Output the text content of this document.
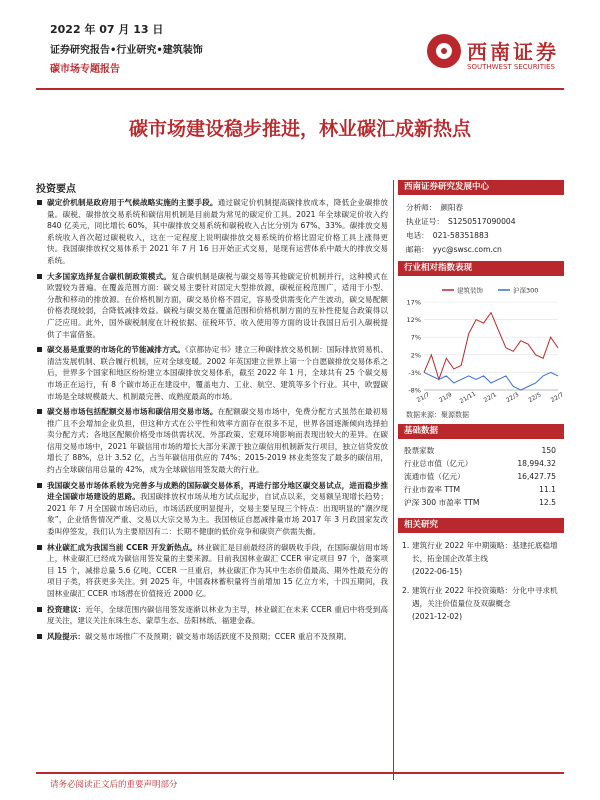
2022 年 07 月 13 日
证券研究报告•行业研究•建筑装饰
碳市场专题报告
西南证券
SOUTHWEST SECURITIES
碳市场建设稳步推进，林业碳汇成新热点
投资要点
碳定价机制是政府用于气候战略实施的主要手段。通过碳定价机制提高碳排放成本，降低企业碳排放量。碳税、碳排放交易系统和碳信用机制是目前最为常见的碳定价工具。2021 年全球碳定价收入约 840 亿美元，同比增长 60%，其中碳排放交易系统和碳税收入占比分别为 67%、33%。碳排放交易系统收入首次超过碳税收入，这在一定程度上说明碳排放交易系统的价格比固定价格工具上涨得更快。我国碳排放权交易体系于 2021 年 7 月 16 日开始正式交易，是现有运营体系中最大的排放交易系统。
大多国家选择复合碳机制政策模式。复合碳机制是碳税与碳交易等其他碳定价机制并行，这种模式在欧盟较为普遍。在覆盖范围方面：碳交易主要针对固定大型排放源，碳税征税范围广，适用于小型、分散和移动的排放源。在价格机制方面，碳交易价格不固定，容易受供需变化产生波动，碳交易配额价格表现较弱，合降低减排效益。碳税与碳交易在覆盖范围和价格机制方面的互补性使复合政策得以广泛应用。此外，国外碳税制度在计税依据、征税环节、收入使用等方面的设计我国日后引入碳税提供了丰富借鉴。
碳交易是重要的市场化的节能减排方式。《京都协定书》建立三种碳排放交易机制：国际排放贸易机、清洁发展机制、联合履行机制，应对全球变暖。2002 年英国建立世界上第一个自愿碳排放交易体系之后，世界多个国家和地区纷纷建立本国碳排放交易体系，截至 2022 年 1 月，全球共有 25 个碳交易市场正在运行，有 8 个碳市场正在建设中，覆盖电力、工业、航空、建筑等多个行业。其中，欧盟碳市场是全球规模最大、机制最完善、成熟度最高的市场。
碳交易市场包括配额交易市场和碳信用交易市场。在配额碳交易市场中，免费分配方式虽然在最初易推广且不会增加企业负担，但这种方式在公平性和效率方面存在很多不足，世界各国逐渐倾向选择拍卖分配方式；各地区配额价格受市场供需状况、外部政策、宏观环境影响而表现出较大的差异。在碳信用交易市场中，2021 年碳信用市场的增长大部分来源于独立碳信用机制新发行项目，独立信贷发放增长了 88%，总计 3.52 亿，占当年碳信用供应的 74%；2015-2019 林业类签发了最多的碳信用，约占全球碳信用总量的 42%，成为全球碳信用签发最大的行业。
我国碳交易市场体系较为完善多与成熟的国际碳交易体系，再进行部分地区碳交易试点，进而稳步推进全国碳市场建设的思路。我国碳排放权市场从地方试点起步，自试点以来，交易额呈现增长趋势；2021 年 7 月全国碳市场启动后，市场活跃度明显提升，交易主要呈现三个特点：出现明显的“潮汐现象”，企业惜售情况严重、交易以大宗交易为主。我国核证自愿减排量市场 2017 年 3 月政国家发改委叫停签发，我们认为主要原因有二：长期不健康的低价竞争和碳资产供需失衡。
林业碳汇成为我国当前 CCER 开发新热点。林业碳汇是目前最经济的碳吸收手段，在国际碳信用市场上，林业碳汇已经成为碳信用签发量的主要来源。目前我国林业碳汇 CCER 审定项目 97 个，备案项目 15 个，减排总量 5.6 亿吨。CCER 一旦重启，林业碳汇作为其中生态价值最高、期外性最充分的项目子类，将获更多关注。到 2025 年，中国森林蓄积量将当前增加 15 亿立方米，十四五期间，我国林业碳汇 CCER 市场潜在价值接近 2000 亿。
投资建议：近年，全球范围内碳信用签发逐渐以林业为主导，林业碳汇在未来 CCER 重启中将受到高度关注，建议关注东珠生态、蒙草生态、岳阳林纸、福建金森。
风险提示：碳交易市场推广不及预期；碳交易市场活跃度不及预期；CCER 重启不及预期。
西南证券研究发展中心
分析师： 颜阳春
执业证号： S1250517090004
电话： 021-58351883
邮箱： yyc@swsc.com.cn
行业相对指数表现
-8%
-3%
2%
7%
12%
17%
21/7 21/9 21/11 22/1 22/3 22/5 22/7
建筑装饰	沪深300
数据来源：聚源数据
基础数据
股票家数	150
行业总市值（亿元）	18,994.32
流通市值（亿元）	16,427.75
行业市盈率 TTM	11.1
沪深 300 市盈率 TTM	12.5
相关研究
1. 建筑行业 2022 年中期策略：基建托底稳增长，拓金国企改革主线
(2022-06-15)
2. 建筑行业 2022 年投资策略：分化中寻求机遇，关注价值量位及双碳概念
(2021-12-02)
请务必阅读正文后的重要声明部分
